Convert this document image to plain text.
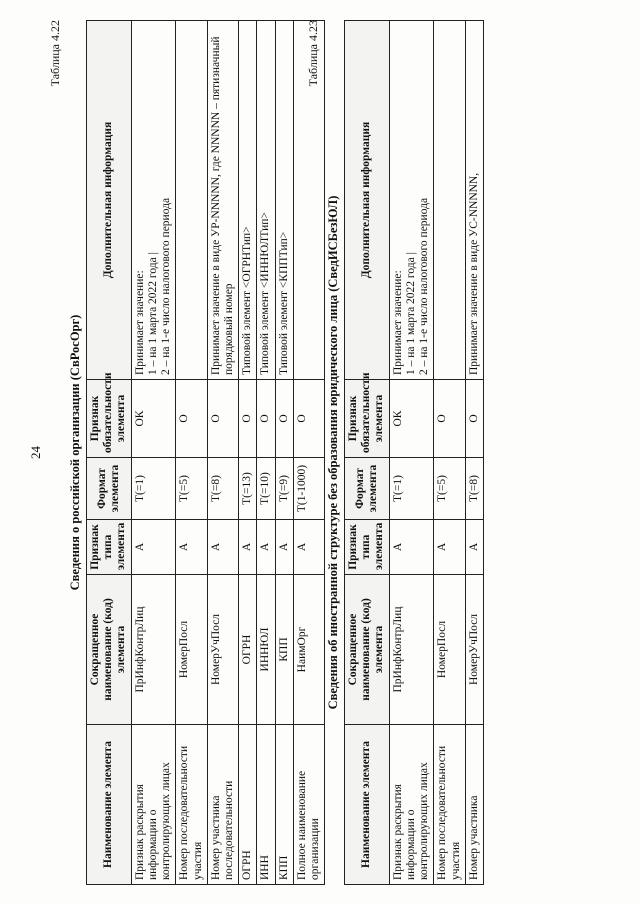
24
Таблица 4.22
Сведения о российской организации (СвРосОрг)
Наименование элемента	Сокращенное наименование (код) элемента	Признак типа элемента	Формат элемента	Признак обязательности элемента	Дополнительная информация
Признак раскрытия информации о контролирующих лицах	ПрИнфКонтрЛиц	А	T(=1)	ОК	Принимает значение:
1 – на 1 марта 2022 года |
2 – на 1-е число налогового периода
Номер последовательности участия	НомерПосл	А	T(=5)	О	
Номер участника последовательности	НомерУчПосл	А	T(=8)	О	Принимает значение в виде УР-NNNNN, где NNNNN – пятизначный порядковый номер
ОГРН	ОГРН	А	T(=13)	О	Типовой элемент <ОГРНТип>
ИНН	ИННЮЛ	А	T(=10)	О	Типовой элемент <ИННЮЛТип>
КПП	КПП	А	T(=9)	О	Типовой элемент <КППТип>
Полное наименование организации	НаимОрг	А	T(1-1000)	О	
Таблица 4.23
Сведения об иностранной структуре без образования юридического лица (СведИСБезЮЛ)
Наименование элемента	Сокращенное наименование (код) элемента	Признак типа элемента	Формат элемента	Признак обязательности элемента	Дополнительная информация
Признак раскрытия информации о контролирующих лицах	ПрИнфКонтрЛиц	А	T(=1)	ОК	Принимает значение:
1 – на 1 марта 2022 года |
2 – на 1-е число налогового периода
Номер последовательности участия	НомерПосл	А	T(=5)	О	
Номер участника	НомерУчПосл	А	T(=8)	О	Принимает значение в виде УС-NNNNN,
